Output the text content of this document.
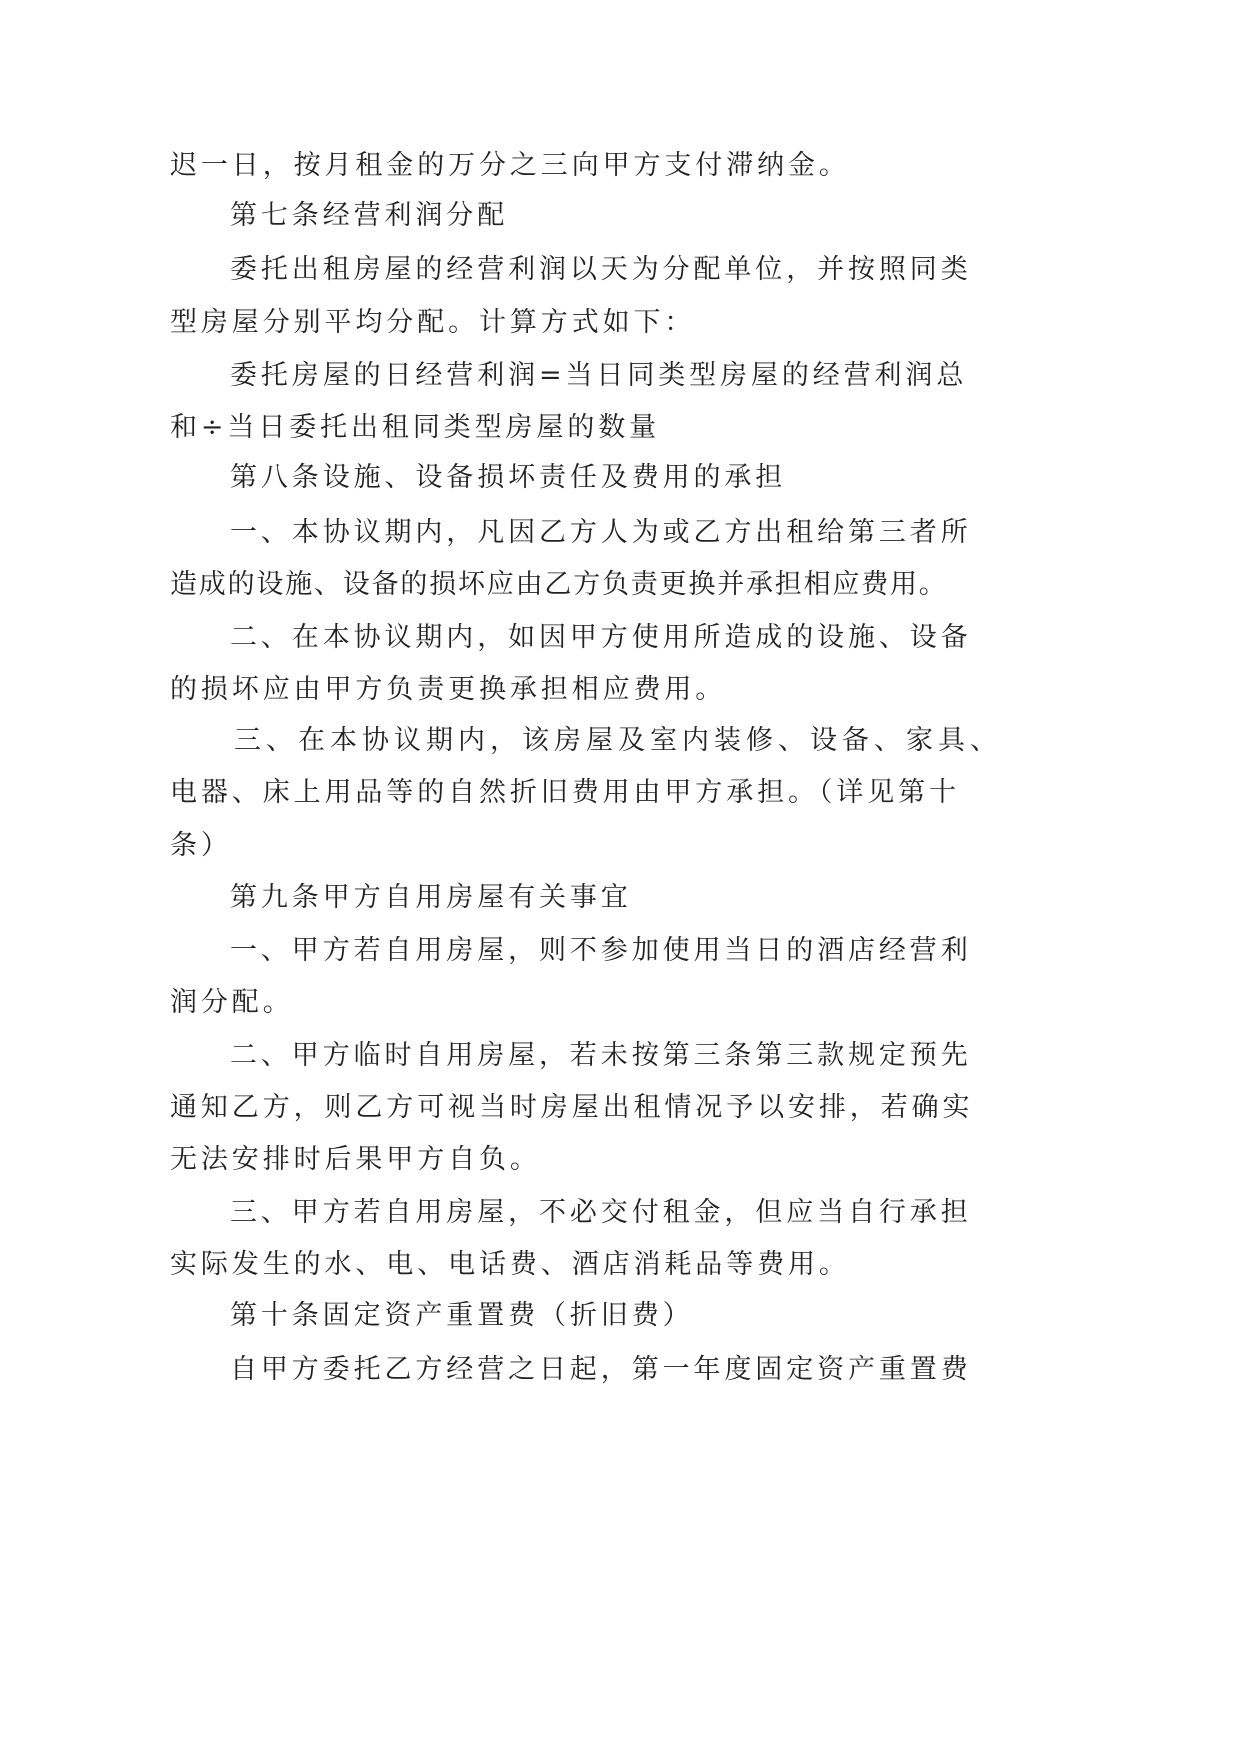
迟一日，按月租金的万分之三向甲方支付滞纳金。

第七条经营利润分配

委托出租房屋的经营利润以天为分配单位，并按照同类

型房屋分别平均分配。计算方式如下：

委托房屋的日经营利润=当日同类型房屋的经营利润总

和÷当日委托出租同类型房屋的数量

第八条设施、设备损坏责任及费用的承担

一、本协议期内，凡因乙方人为或乙方出租给第三者所

造成的设施、设备的损坏应由乙方负责更换并承担相应费用。

二、在本协议期内，如因甲方使用所造成的设施、设备

的损坏应由甲方负责更换承担相应费用。

三、在本协议期内，该房屋及室内装修、设备、家具、

电器、床上用品等的自然折旧费用由甲方承担。（详见第十

条）

第九条甲方自用房屋有关事宜

一、甲方若自用房屋，则不参加使用当日的酒店经营利

润分配。

二、甲方临时自用房屋，若未按第三条第三款规定预先

通知乙方，则乙方可视当时房屋出租情况予以安排，若确实

无法安排时后果甲方自负。

三、甲方若自用房屋，不必交付租金，但应当自行承担

实际发生的水、电、电话费、酒店消耗品等费用。

第十条固定资产重置费（折旧费）

自甲方委托乙方经营之日起，第一年度固定资产重置费
